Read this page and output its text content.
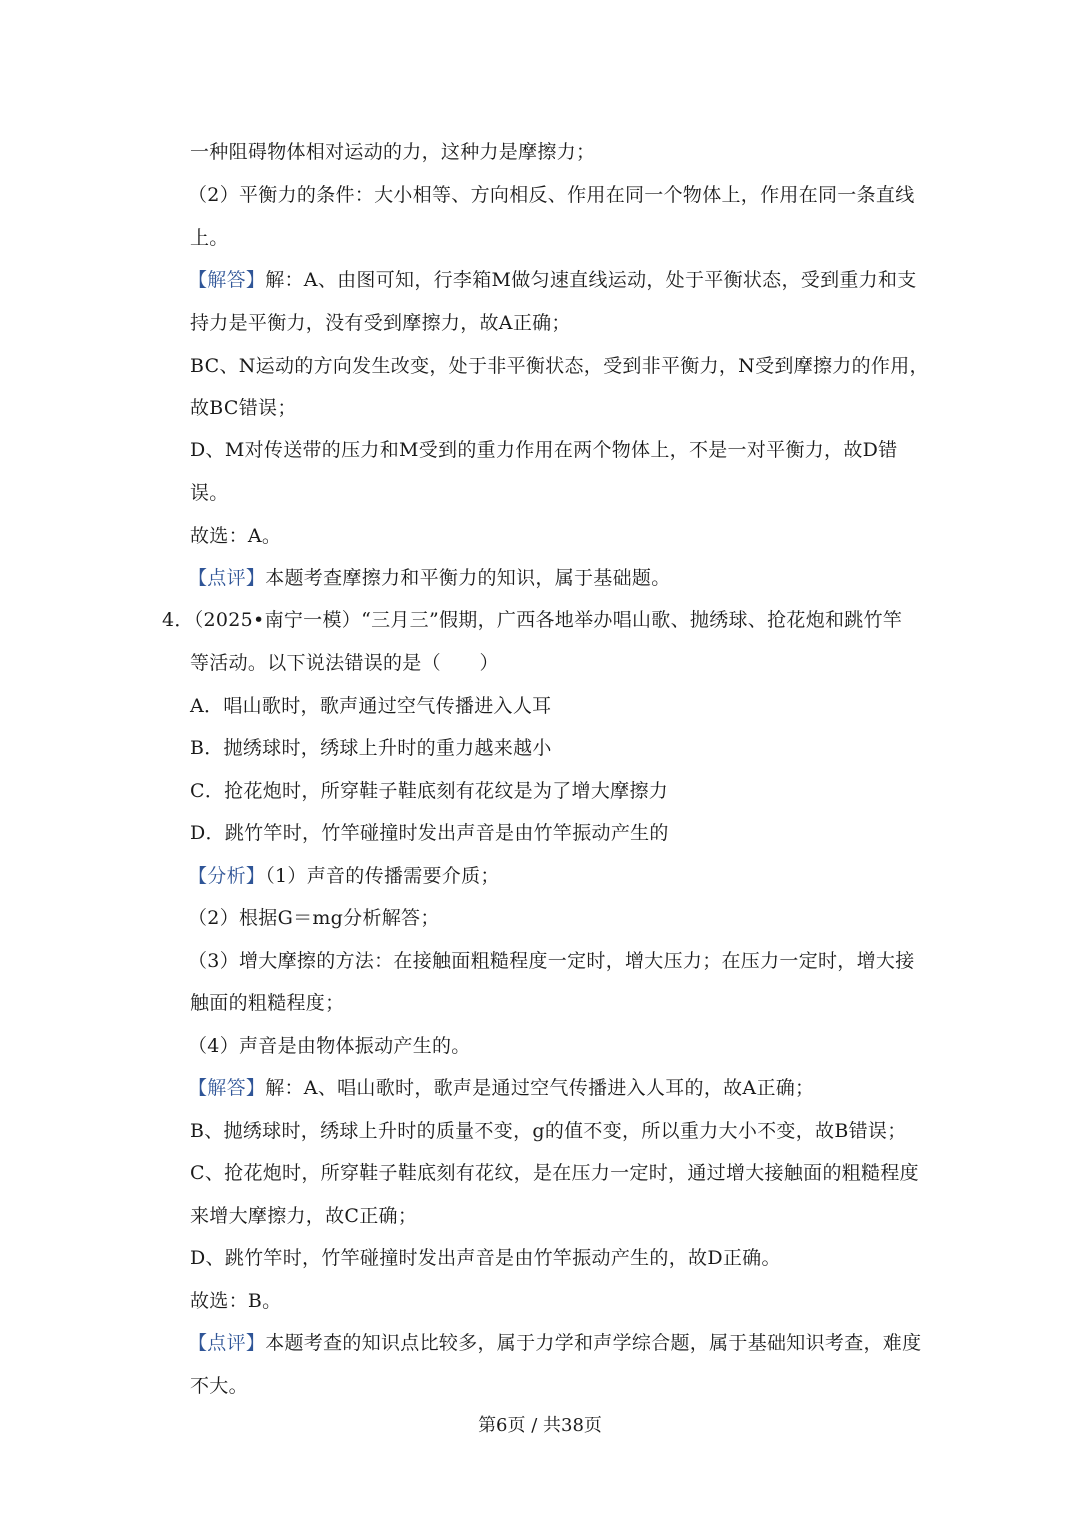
一种阻碍物体相对运动的力，这种力是摩擦力；
（2）平衡力的条件：大小相等、方向相反、作用在同一个物体上，作用在同一条直线
上。
【解答】解：A、由图可知，行李箱M做匀速直线运动，处于平衡状态，受到重力和支
持力是平衡力，没有受到摩擦力，故A正确；
BC、N运动的方向发生改变，处于非平衡状态，受到非平衡力，N受到摩擦力的作用，
故BC错误；
D、M对传送带的压力和M受到的重力作用在两个物体上，不是一对平衡力，故D错
误。
故选：A。
【点评】本题考查摩擦力和平衡力的知识，属于基础题。
4．（2025•南宁一模）“三月三”假期，广西各地举办唱山歌、抛绣球、抢花炮和跳竹竿
等活动。以下说法错误的是（　　）
A．唱山歌时，歌声通过空气传播进入人耳
B．抛绣球时，绣球上升时的重力越来越小
C．抢花炮时，所穿鞋子鞋底刻有花纹是为了增大摩擦力
D．跳竹竿时，竹竿碰撞时发出声音是由竹竿振动产生的
【分析】（1）声音的传播需要介质；
（2）根据G＝mg分析解答；
（3）增大摩擦的方法：在接触面粗糙程度一定时，增大压力；在压力一定时，增大接
触面的粗糙程度；
（4）声音是由物体振动产生的。
【解答】解：A、唱山歌时，歌声是通过空气传播进入人耳的，故A正确；
B、抛绣球时，绣球上升时的质量不变，g的值不变，所以重力大小不变，故B错误；
C、抢花炮时，所穿鞋子鞋底刻有花纹，是在压力一定时，通过增大接触面的粗糙程度
来增大摩擦力，故C正确；
D、跳竹竿时，竹竿碰撞时发出声音是由竹竿振动产生的，故D正确。
故选：B。
【点评】本题考查的知识点比较多，属于力学和声学综合题，属于基础知识考查，难度
不大。
第6页 / 共38页
